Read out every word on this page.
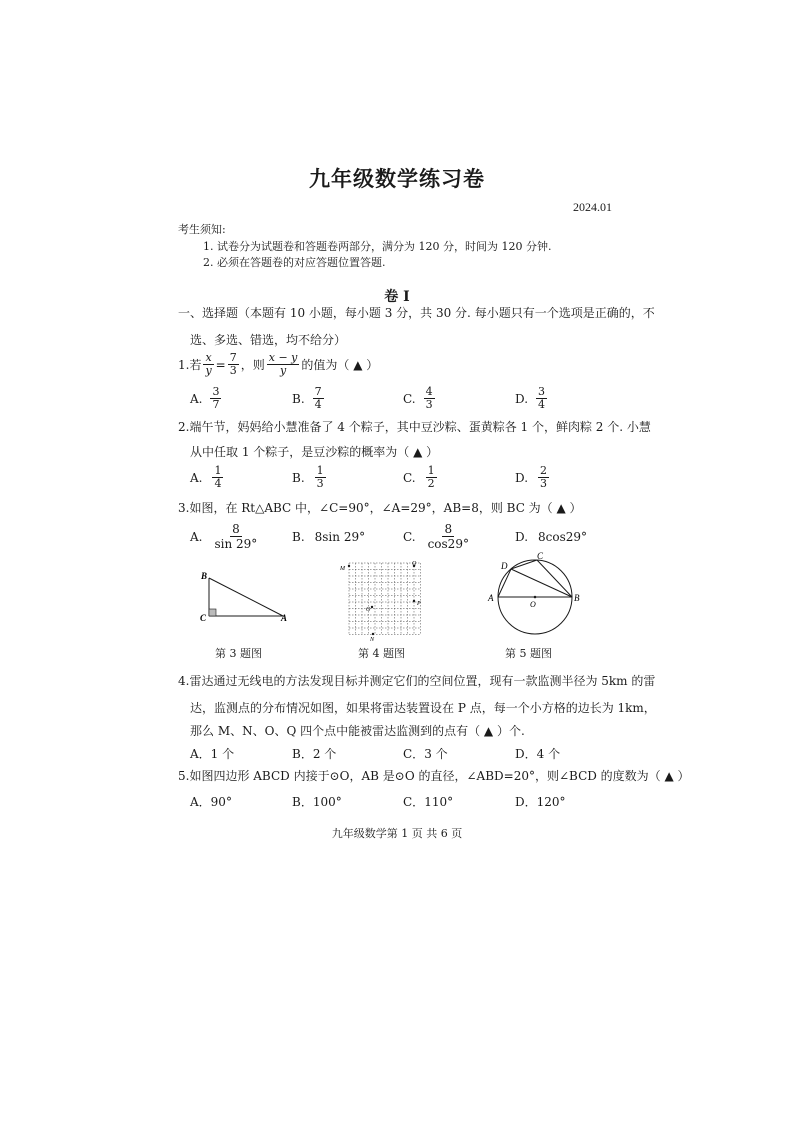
九年级数学练习卷
2024.01
考生须知:
1. 试卷分为试题卷和答题卷两部分，满分为 120 分，时间为 120 分钟.
2. 必须在答题卷的对应答题位置答题.
卷 Ⅰ
一、选择题（本题有 10 小题，每小题 3 分，共 30 分. 每小题只有一个选项是正确的，不
选、多选、错选，均不给分）
1.若 $\frac{x}{y} = \frac{7}{3}$ ，则 $\frac{x - y}{y}$ 的值为（ ▲ ）
A. $\frac{3}{7}$	B. $\frac{7}{4}$	C. $\frac{4}{3}$	D. $\frac{3}{4}$
2.端午节，妈妈给小慧准备了 4 个粽子，其中豆沙粽、蛋黄粽各 1 个，鲜肉粽 2 个. 小慧
从中任取 1 个粽子，是豆沙粽的概率为（ ▲ ）
A. $\frac{1}{4}$	B. $\frac{1}{3}$	C. $\frac{1}{2}$	D. $\frac{2}{3}$
3.如图，在 Rt△ABC 中，∠C=90°，∠A=29°，AB=8，则 BC 为（ ▲ ）
A. $\frac{8}{\sin 29^\circ}$	B. 8sin 29°	C. $\frac{8}{\cos 29^\circ}$	D. 8cos29°
B
C	A
M
Q
O
P
N
A	B
C
D
O
第 3 题图	第 4 题图	第 5 题图
4.雷达通过无线电的方法发现目标并测定它们的空间位置，现有一款监测半径为 5km 的雷
达，监测点的分布情况如图，如果将雷达装置设在 P 点，每一个小方格的边长为 1km，
那么 M、N、O、Q 四个点中能被雷达监测到的点有（ ▲ ）个.
A． 1 个	B． 2 个	C． 3 个	D． 4 个
5.如图四边形 ABCD 内接于⊙O，AB 是⊙O 的直径，∠ABD=20°，则∠BCD 的度数为（ ▲ ）
A． 90°	B． 100°	C． 110°	D． 120°
九年级数学第 1 页 共 6 页
